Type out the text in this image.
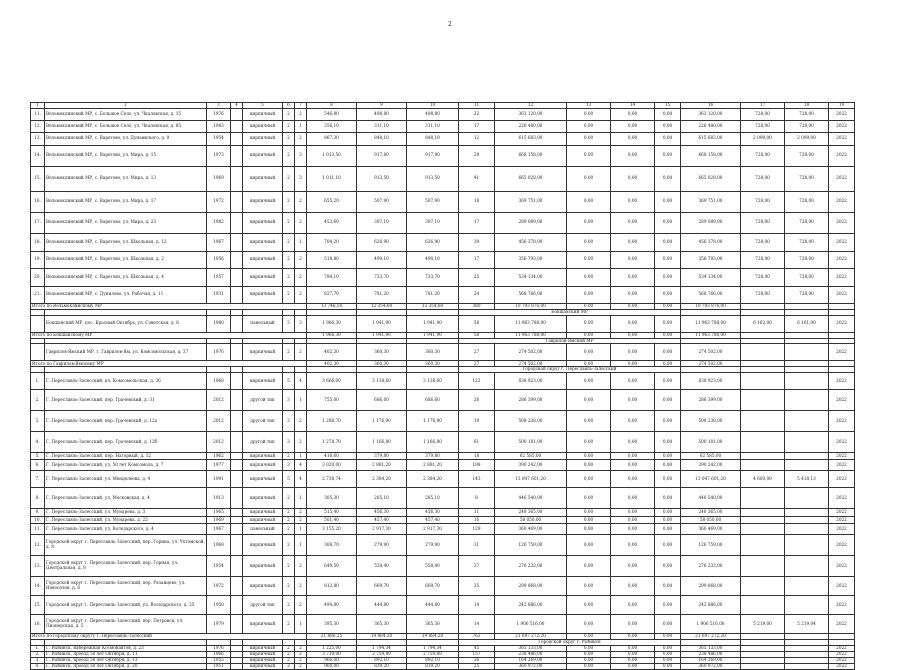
2
1	2	3	4	5	6	7	8	9	10	11	12	13	14	15	16	17	18	19
11.	Вельмоклинский МР, с. Большое Село, ул. Чкаловская, д. 15	1976		кирпичный	2	2	546,80	498,80	498,80	22	363 120,00	0,00	0,00	0,00	363 120,00	728,00	728,00	2022
12.	Вельмоклинский МР, с. Большое Село, ул. Чкаловская, д. 85	1983		кирпичный	2	1	356,10	311,10	311,10	17	226 480,00	0,00	0,00	0,00	226 480,00	728,00	728,00	2022
13.	Вельмоклинский МР, с. Варегово, ул. Дунаевского, д. 9	1954		кирпичный	2	2	867,30	848,10	848,10	12	615 683,00	0,00	0,00	0,00	615 683,00	2 099,00	2 099,00	2022
14.	Вельмоклинский МР, с. Варегово, ул. Мира, д. 15	1973		кирпичный	2	3	1 013,50	917,80	917,80	29	668 158,00	0,00	0,00	0,00	668 158,00	728,00	728,00	2022
15.	Вельмоклинский МР, с. Варегово, ул. Мира, д. 13	1969		кирпичный	2	3	1 011,10	913,50	913,50	41	665 028,00	0,00	0,00	0,00	665 028,00	728,00	728,00	2022
16.	Вельмоклинский МР, с. Варегово, ул. Мира, д. 17	1972		кирпичный	2	2	655,20	507,90	507,90	18	369 751,00	0,00	0,00	0,00	369 751,00	728,00	728,00	2022
17.	Вельмоклинский МР, с. Варегово, ул. Мира, д. 23	1982		кирпичный	2	2	453,60	397,10	397,10	17	289 089,00	0,00	0,00	0,00	289 089,00	728,00	728,00	2022
18.	Вельмоклинский МР, с. Варегово, ул. Школьная, д. 12	1967		кирпичный	2	1	704,20	626,90	626,90	39	456 378,00	0,00	0,00	0,00	456 378,00	728,00	728,00	2022
19.	Вельмоклинский МР, с. Варегово, ул. Школьная, д. 2	1956		кирпичный	2	2	518,80	490,10	490,10	17	356 793,00	0,00	0,00	0,00	356 793,00	728,00	728,00	2022
20.	Вельмоклинский МР, с. Варегово, ул. Школьная, д. 4	1957		кирпичный	2	2	784,10	733,70	733,70	25	534 134,00	0,00	0,00	0,00	534 134,00	728,00	728,00	2022
21.	Вельмоклинский МР, с. Дунилово, ул. Рабочая, д. 11	1931		кирпичный	2	2	827,70	781,20	781,20	24	568 766,00	0,00	0,00	0,00	568 766,00	728,00	728,00	2022
Итого по Вельмоклинскому МР							13 746,50	12 354,60	12 354,60	380	10 793 876,00	0,00	0,00	0,00	10 793 876,00			
										Бокшанский МР								
	Бокшанский МР, пос. Красный Октябрь, ул. Советская, д. 8	1980		панельный	3	3	1 966,30	1 941,90	1 941,90	58	11 963 788,00	0,00	0,00	0,00	11 963 788,00	6 162,00	6 161,00	2022
Итого по Бокшанскому МР							1 966,30	1 941,90	1 941,90	58	11 963 788,00	0,00	0,00	0,00	11 963 788,00			
										Гаврилов-Ямский МР								
	Гаврилов-Ямский МР, г. Гаврилов-Ям, ул. Комсомольская, д. 37	1976		кирпичный	2	2	402,30	360,30	360,30	27	274 502,00	0,00	0,00	0,00	274 502,00			2022
Итого по Гаврилов-Ямскому МР							402,30	360,30	360,30	27	274 502,00	0,00	0,00	0,00	274 502,00			
										Городской округ г. Переславль-Залесский								
1.	Г. Переславль-Залесский, пл. Комсомольская, д. 36	1968		кирпичный	5	4	3 666,00	3 138,60	3 138,60	122	838 923,00	0,00	0,00	0,00	838 923,00			2022
2.	Г. Переславль-Залесский, пер. Грачевский, д. 31	2012		другой тип	3	1	755,00	686,60	686,60	26	286 399,00	0,00	0,00	0,00	286 399,00			2022
3.	Г. Переславль-Залесский, пер. Грачевский, д. 12а	2012		другой тип	3	2	1 288,70	1 176,90	1 176,90	19	508 238,00	0,00	0,00	0,00	508 238,00			2022
4.	Г. Переславль-Залесский, пер. Грачевский, д. 12б	2012		другой тип	3	2	1 278,70	1 166,80	1 166,80	61	500 181,00	0,00	0,00	0,00	500 181,00			2022
5.	Г. Переславль-Залесский, пер. Нагорный, д. 12	1962		кирпичный	2	1	416,60	379,80	379,80	18	62 585,00	0,00	0,00	0,00	62 585,00			2022
6.	Г. Переславль-Залесский, ул. 50 лет Комсомола, д. 7	1977		кирпичный	3	4	3 020,00	2 881,20	2 881,20	198	390 242,00	0,00	0,00	0,00	390 242,00			2022
7.	Г. Переславль-Залесский, ул. Менделеева, д. 4	1991		кирпичный	5	4	2 738,74	2 384,20	2 384,20	143	13 047 601,20	0,00	0,00	0,00	13 047 601,20	4 600,00	5 418,13	2022
8.	Г. Переславль-Залесский, ул. Московская, д. 4	1913		кирпичный	2	1	305,30	285,10	285,10	8	446 540,00	0,00	0,00	0,00	446 540,00			2022
9.	Г. Переславль-Залесский, ул. Мунарева, д. 3	1965		кирпичный	2	2	515,40	456,30	456,30	11	248 365,00	0,00	0,00	0,00	248 365,00			2022
10.	Г. Переславль-Залесский, ул. Мунарева, д. 22	1969		кирпичный	2	2	501,40	457,40	457,40	16	58 050,00	0,00	0,00	0,00	58 050,00			2022
11.	Г. Переславль-Залесский, ул. Володарского, д. 4	1967		панельный	2	1	3 155,20	2 917,30	2 917,30	129	360 469,00	0,00	0,00	0,00	360 469,00			2022
12.	Городской округ г. Переславль-Залесский, пер. Горина, ул. Ухтомской, д. 8	1969		кирпичный	2	1	308,70	279,90	279,90	31	126 759,00	0,00	0,00	0,00	126 759,00			2022
13.	Городской округ г. Переславль-Залесский, пер. Горная, ул. Центральная, д. 8	1954		кирпичный	2	2	649,50	558,40	558,40	37	276 233,00	0,00	0,00	0,00	276 233,00			2022
14.	Городской округ г. Переславль-Залесский, пер. Рязанцево, ул. Новоселов, д. 6	1972		кирпичный	2	2	812,80	669,70	669,70	35	299 868,00	0,00	0,00	0,00	299 868,00			2022
15.	Городской округ г. Переславль-Залесский, ул. Володарского, д. 25	1958		другой тип	2	2	494,80	444,80	444,80	14	242 886,00	0,00	0,00	0,00	242 886,00			2022
16.	Городской округ г. Переславль-Залесский, пер. Петровск, ул. Пионерская, д. 5	1979		кирпичный	2	1	395,30	365,30	365,30	14	1 906 516,00	0,00	0,00	0,00	1 906 516,00	5 219,00	5 219,04	2022
Итого по городскому округу г. Переславль-Залесский							21 886,25	19 884,20	19 884,20	762	21 697 272,20	0,00	0,00	0,00	21 697 272,20			
										Городской округ г. Рыбинск								
1.	Г. Рыбинск, набережная Космонавтов, д. 23	1976		кирпичный	2	2	1 225,00	1 794,34	1 794,34	45	365 133,00	0,00	0,00	0,00	365 133,00			2022
2.	Г. Рыбинск, проезд 50 лет Октября, д. 11	1966		кирпичный	2	2	3 719,00	2 759,89	2 759,89	157	238 486,00	0,00	0,00	0,00	238 486,00			2022
3.	Г. Рыбинск, проезд 50 лет Октября, д. 13	1955		кирпичный	2	2	966,00	892,10	892,10	26	164 269,00	0,00	0,00	0,00	164 269,00			2022
4.	Г. Рыбинск, проезд 50 лет Октября, д. 20	1951		кирпичный	2	2	960,00	839,20	839,20	25	360 972,00	0,00	0,00	0,00	360 972,00			2022
